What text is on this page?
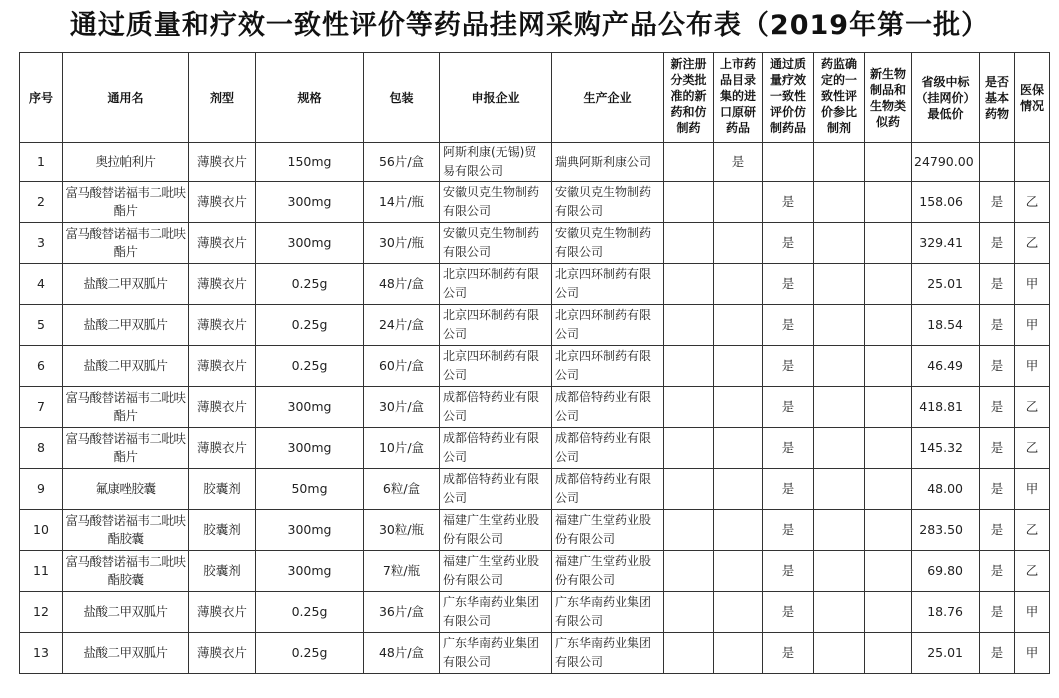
通过质量和疗效一致性评价等药品挂网采购产品公布表（2019年第一批）
序号	通用名	剂型	规格	包装	申报企业	生产企业	新注册分类批准的新药和仿制药	上市药品目录集的进口原研药品	通过质量疗效一致性评价仿制药品	药监确定的一致性评价参比制剂	新生物制品和生物类似药	省级中标（挂网价）最低价	是否基本药物	医保情况
1	奥拉帕利片	薄膜衣片	150mg	56片/盒	阿斯利康(无锡)贸易有限公司	瑞典阿斯利康公司		是				24790.00		
2	富马酸替诺福韦二吡呋酯片	薄膜衣片	300mg	14片/瓶	安徽贝克生物制药有限公司	安徽贝克生物制药有限公司			是			158.06	是	乙
3	富马酸替诺福韦二吡呋酯片	薄膜衣片	300mg	30片/瓶	安徽贝克生物制药有限公司	安徽贝克生物制药有限公司			是			329.41	是	乙
4	盐酸二甲双胍片	薄膜衣片	0.25g	48片/盒	北京四环制药有限公司	北京四环制药有限公司			是			25.01	是	甲
5	盐酸二甲双胍片	薄膜衣片	0.25g	24片/盒	北京四环制药有限公司	北京四环制药有限公司			是			18.54	是	甲
6	盐酸二甲双胍片	薄膜衣片	0.25g	60片/盒	北京四环制药有限公司	北京四环制药有限公司			是			46.49	是	甲
7	富马酸替诺福韦二吡呋酯片	薄膜衣片	300mg	30片/盒	成都倍特药业有限公司	成都倍特药业有限公司			是			418.81	是	乙
8	富马酸替诺福韦二吡呋酯片	薄膜衣片	300mg	10片/盒	成都倍特药业有限公司	成都倍特药业有限公司			是			145.32	是	乙
9	氟康唑胶囊	胶囊剂	50mg	6粒/盒	成都倍特药业有限公司	成都倍特药业有限公司			是			48.00	是	甲
10	富马酸替诺福韦二吡呋酯胶囊	胶囊剂	300mg	30粒/瓶	福建广生堂药业股份有限公司	福建广生堂药业股份有限公司			是			283.50	是	乙
11	富马酸替诺福韦二吡呋酯胶囊	胶囊剂	300mg	7粒/瓶	福建广生堂药业股份有限公司	福建广生堂药业股份有限公司			是			69.80	是	乙
12	盐酸二甲双胍片	薄膜衣片	0.25g	36片/盒	广东华南药业集团有限公司	广东华南药业集团有限公司			是			18.76	是	甲
13	盐酸二甲双胍片	薄膜衣片	0.25g	48片/盒	广东华南药业集团有限公司	广东华南药业集团有限公司			是			25.01	是	甲
